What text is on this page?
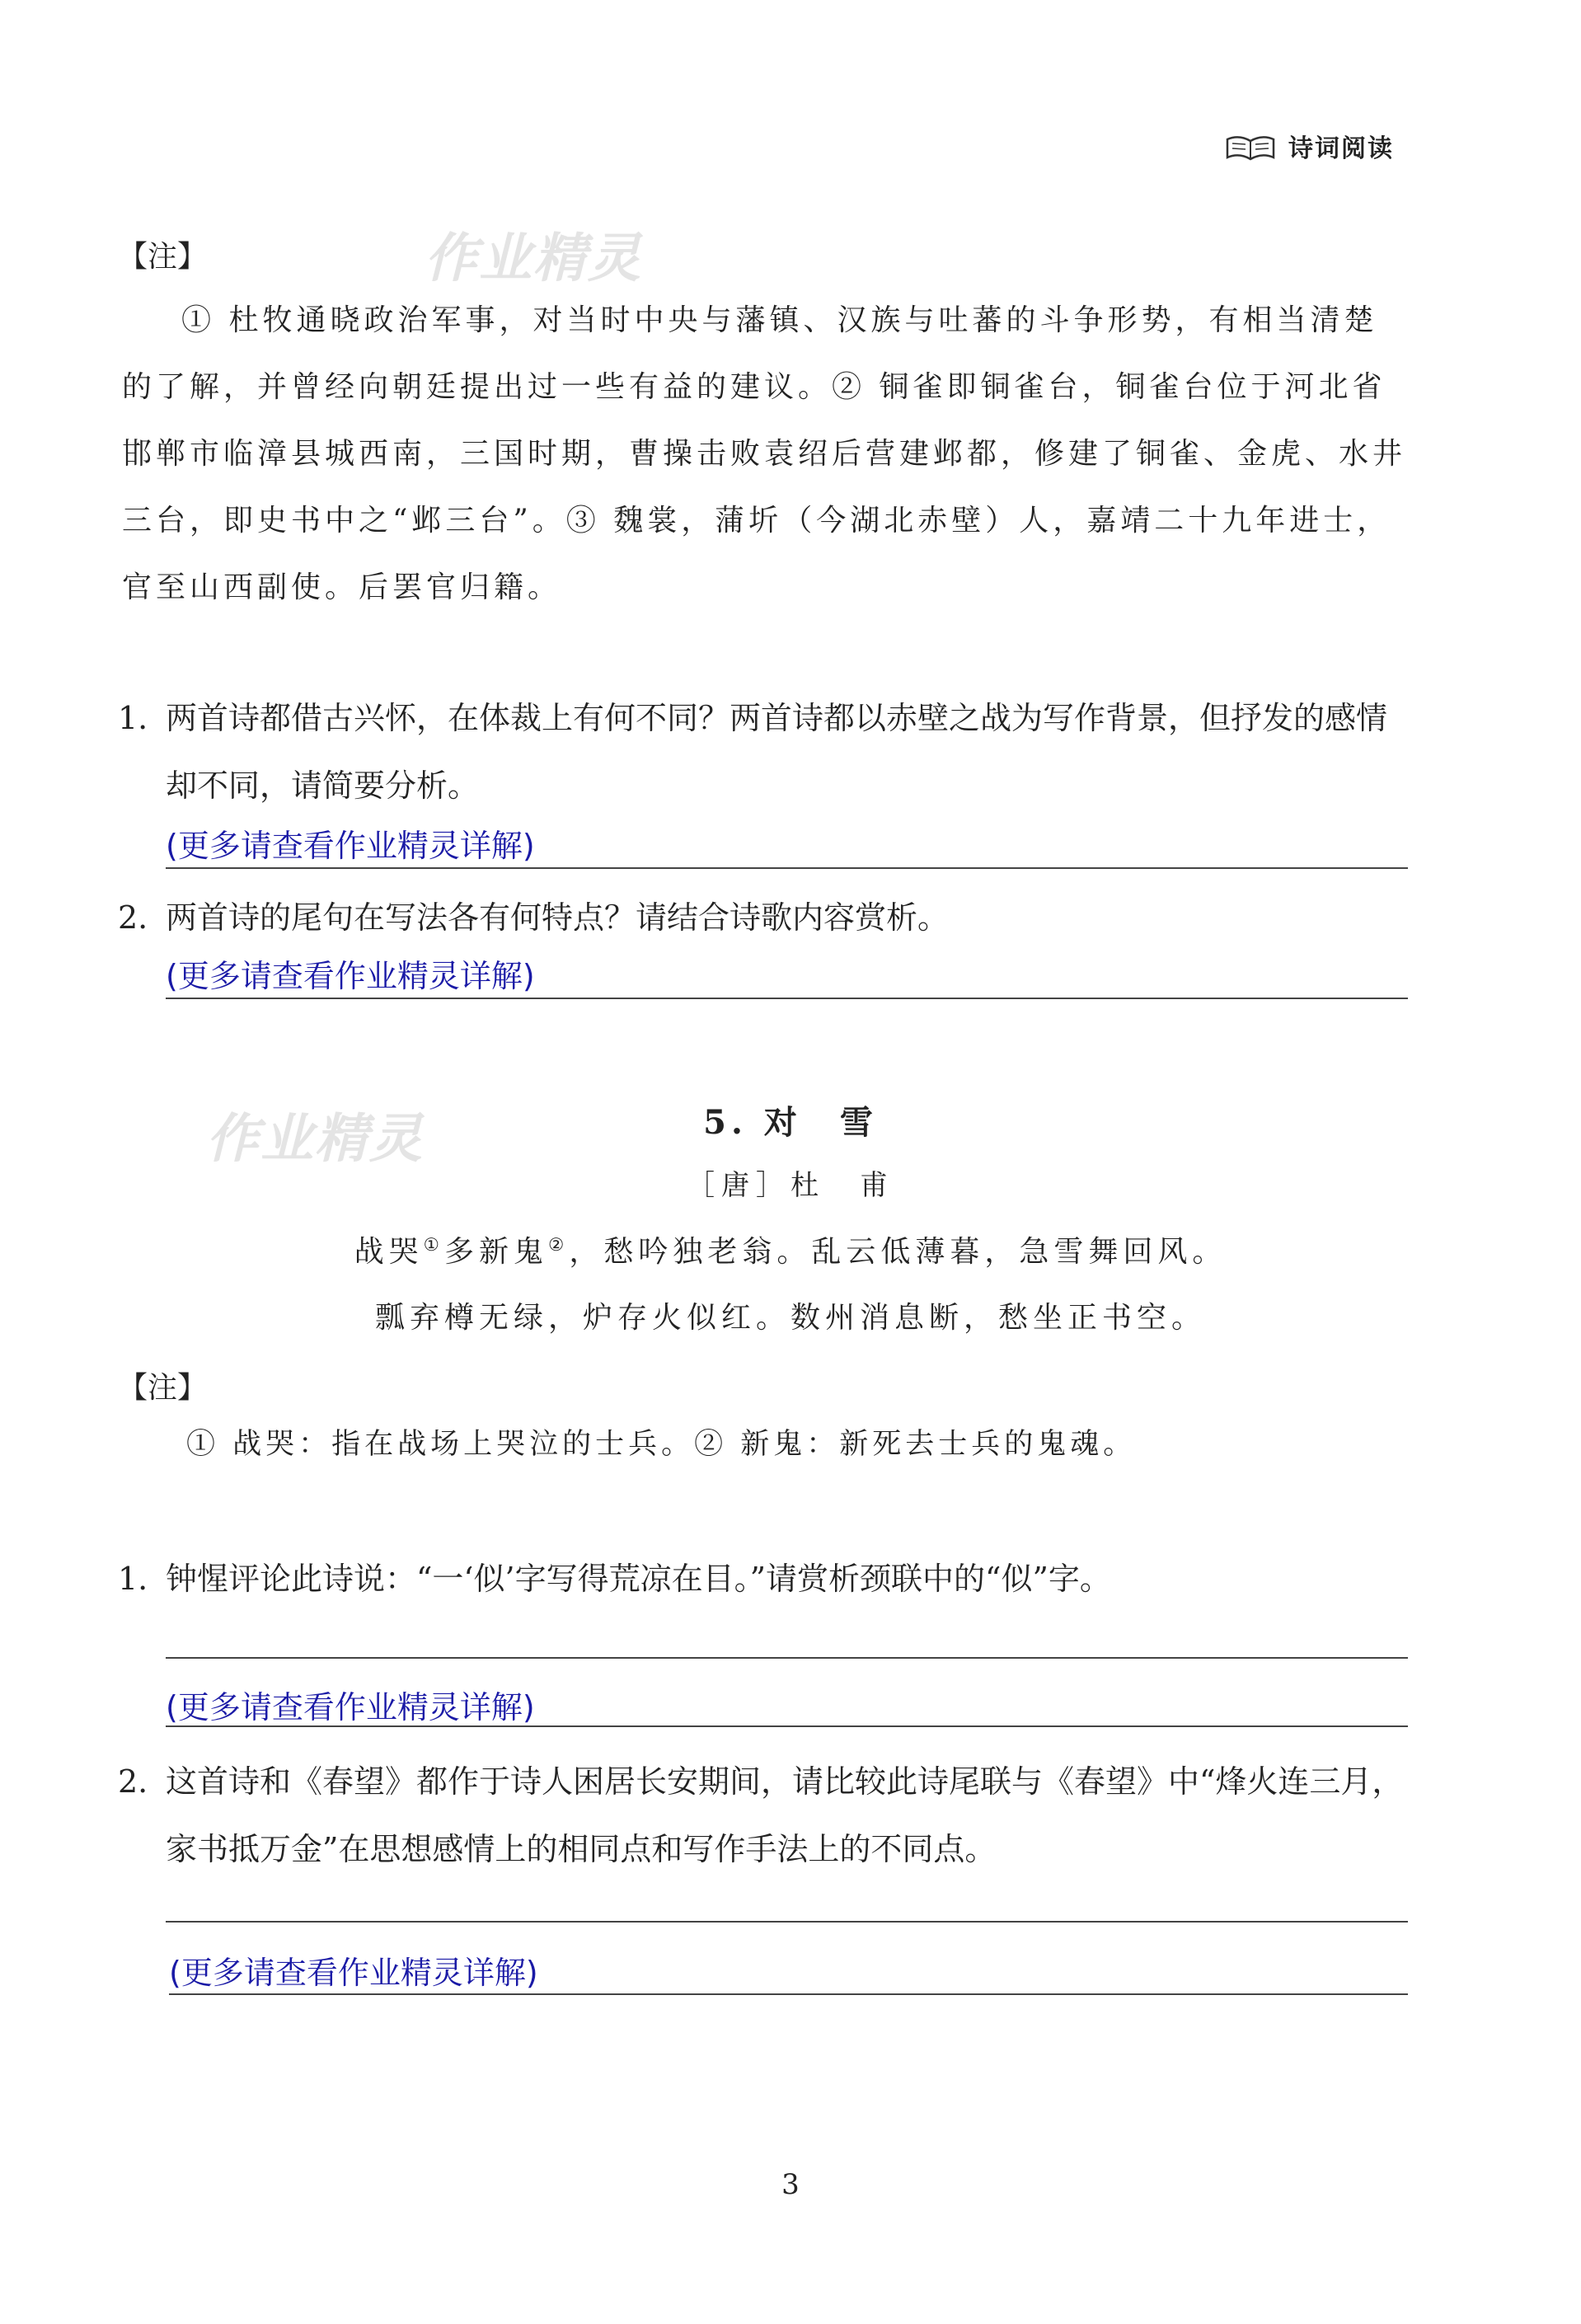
诗词阅读
作业精灵
作业精灵
【注】

① 杜牧通晓政治军事，对当时中央与藩镇、汉族与吐蕃的斗争形势，有相当清楚的了解，并曾经向朝廷提出过一些有益的建议。② 铜雀即铜雀台，铜雀台位于河北省邯郸市临漳县城西南，三国时期，曹操击败袁绍后营建邺都，修建了铜雀、金虎、水井三台，即史书中之“邺三台”。③ 魏裳，蒲圻（今湖北赤壁）人，嘉靖二十九年进士，官至山西副使。后罢官归籍。

1. 两首诗都借古兴怀，在体裁上有何不同？两首诗都以赤壁之战为写作背景，但抒发的感情却不同，请简要分析。
(更多请查看作业精灵详解)
2. 两首诗的尾句在写法各有何特点？请结合诗歌内容赏析。
(更多请查看作业精灵详解)
5. 对　雪
［唐］杜　甫
战哭①多新鬼②，愁吟独老翁。乱云低薄暮，急雪舞回风。
瓢弃樽无绿，炉存火似红。数州消息断，愁坐正书空。
【注】

① 战哭：指在战场上哭泣的士兵。② 新鬼：新死去士兵的鬼魂。

1. 钟惺评论此诗说：“一‘似’字写得荒凉在目。”请赏析颈联中的“似”字。
(更多请查看作业精灵详解)
2. 这首诗和《春望》都作于诗人困居长安期间，请比较此诗尾联与《春望》中“烽火连三月，家书抵万金”在思想感情上的相同点和写作手法上的不同点。
(更多请查看作业精灵详解)
3
